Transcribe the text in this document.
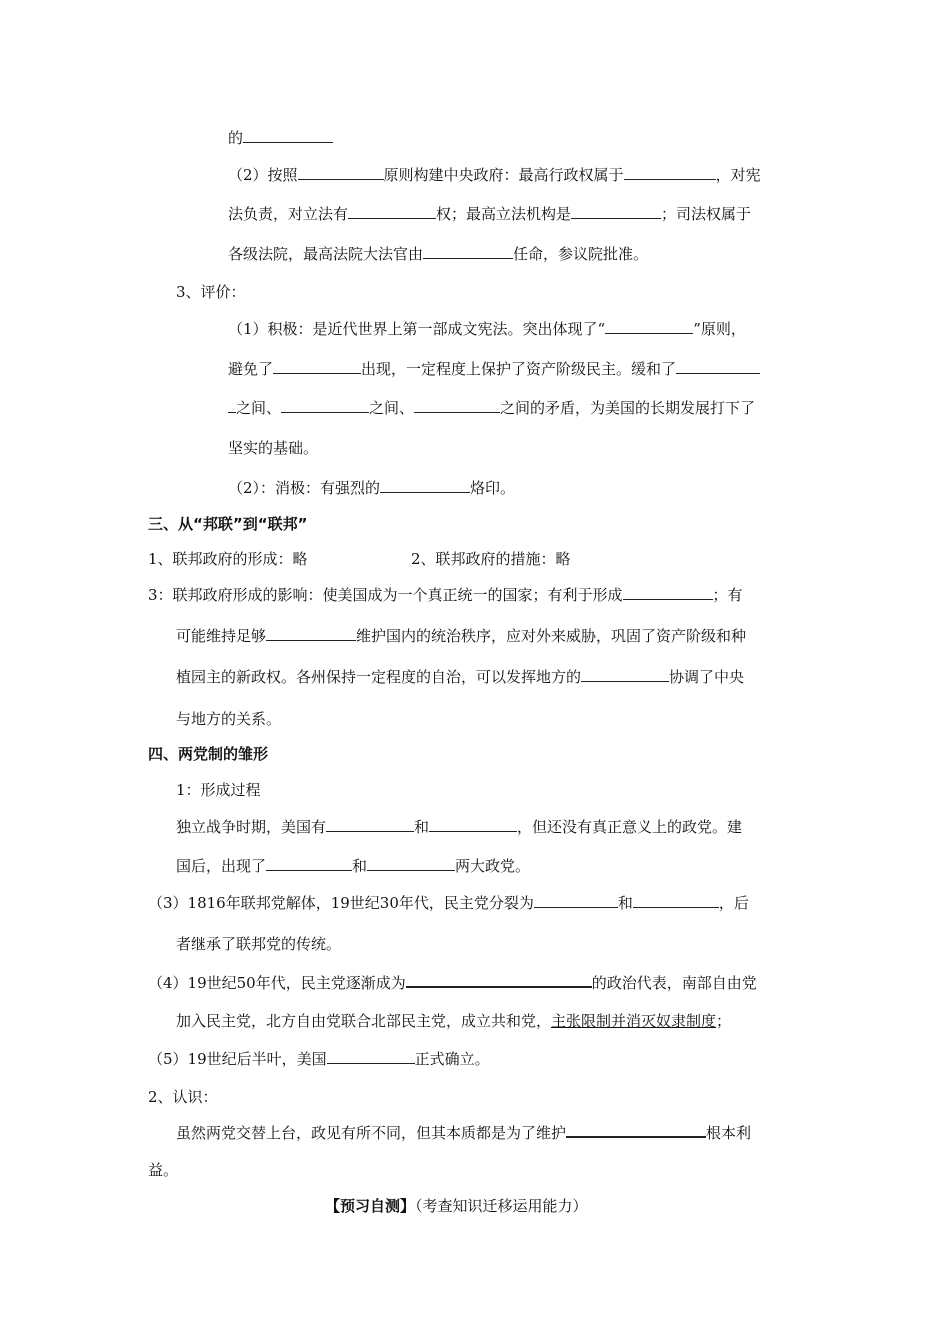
的
（2）按照	原则构建中央政府：最高行政权属于	，对宪
法负责，对立法有	权；最高立法机构是	；司法权属于
各级法院，最高法院大法官由	任命，参议院批准。
3、评价：
（1）积极：是近代世界上第一部成文宪法。突出体现了“	”原则，
避免了	出现，一定程度上保护了资产阶级民主。缓和了
之间、	之间、	之间的矛盾，为美国的长期发展打下了
坚实的基础。
（2）：消极：有强烈的	烙印。
三、从“邦联”到“联邦”
1、联邦政府的形成：略	2、联邦政府的措施：略
3：联邦政府形成的影响：使美国成为一个真正统一的国家；有利于形成	；有
可能维持足够	维护国内的统治秩序，应对外来威胁，巩固了资产阶级和种
植园主的新政权。各州保持一定程度的自治，可以发挥地方的	协调了中央
与地方的关系。
四、两党制的雏形
1：形成过程
独立战争时期，美国有	和	，但还没有真正意义上的政党。建
国后，出现了	和	两大政党。
（3）1816年联邦党解体，19世纪30年代，民主党分裂为	和	，后
者继承了联邦党的传统。
（4）19世纪50年代，民主党逐渐成为	的政治代表，南部自由党
加入民主党，北方自由党联合北部民主党，成立共和党，主张限制并消灭奴隶制度；
（5）19世纪后半叶，美国	正式确立。
2、认识：
虽然两党交替上台，政见有所不同，但其本质都是为了维护	根本利
益。
【预习自测】（考查知识迁移运用能力）
